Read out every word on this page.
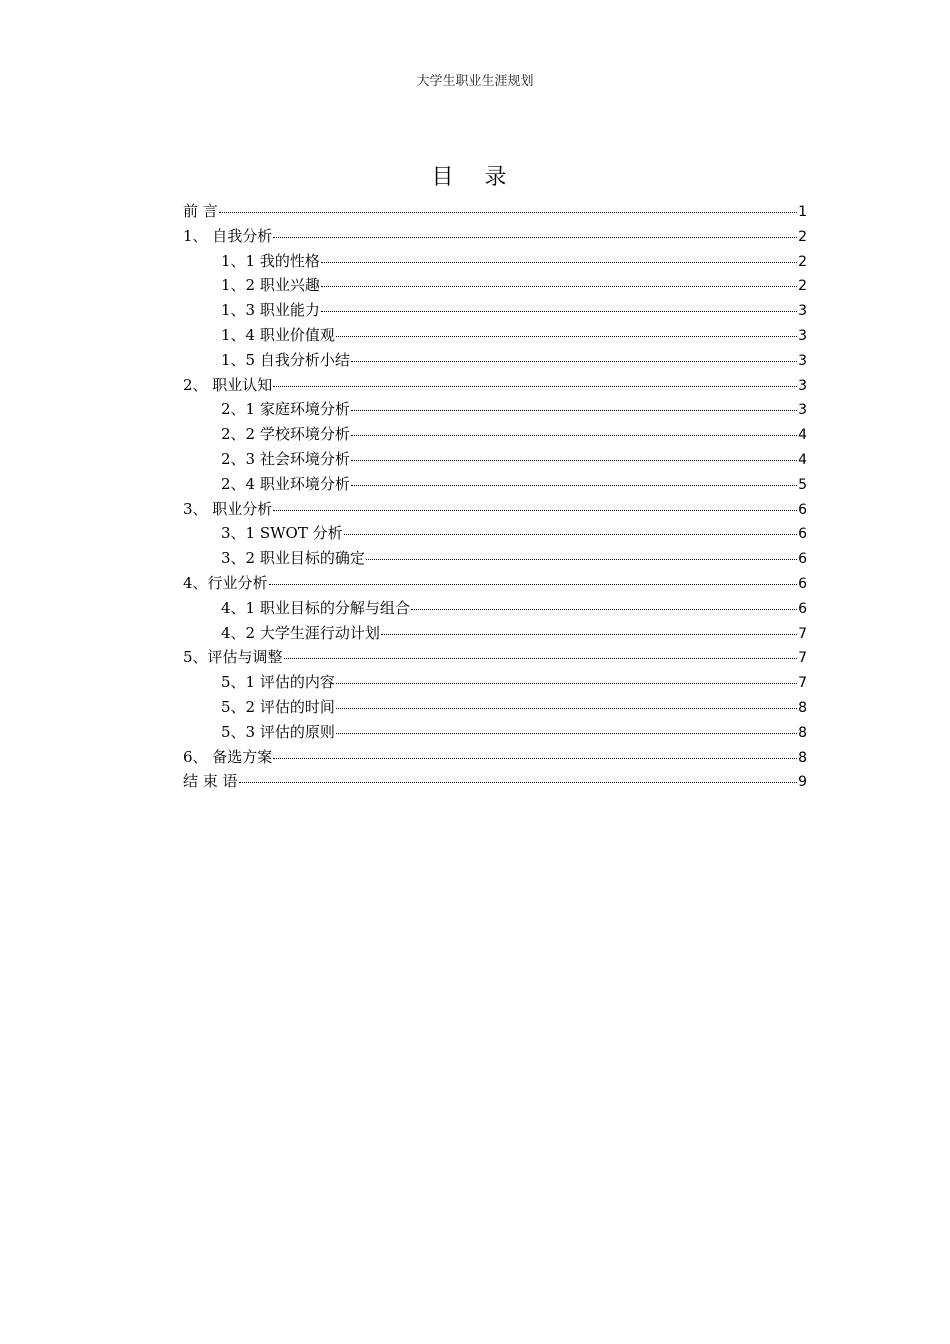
大学生职业生涯规划
目 录
前 言	1
1、 自我分析	2
1、1 我的性格	2
1、2 职业兴趣	2
1、3 职业能力	3
1、4 职业价值观	3
1、5 自我分析小结	3
2、 职业认知	3
2、1 家庭环境分析	3
2、2 学校环境分析	4
2、3 社会环境分析	4
2、4 职业环境分析	5
3、 职业分析	6
3、1 SWOT 分析	6
3、2 职业目标的确定	6
4、行业分析	6
4、1 职业目标的分解与组合	6
4、2 大学生涯行动计划	7
5、评估与调整	7
5、1 评估的内容	7
5、2 评估的时间	8
5、3 评估的原则	8
6、 备选方案	8
结 束 语	9
